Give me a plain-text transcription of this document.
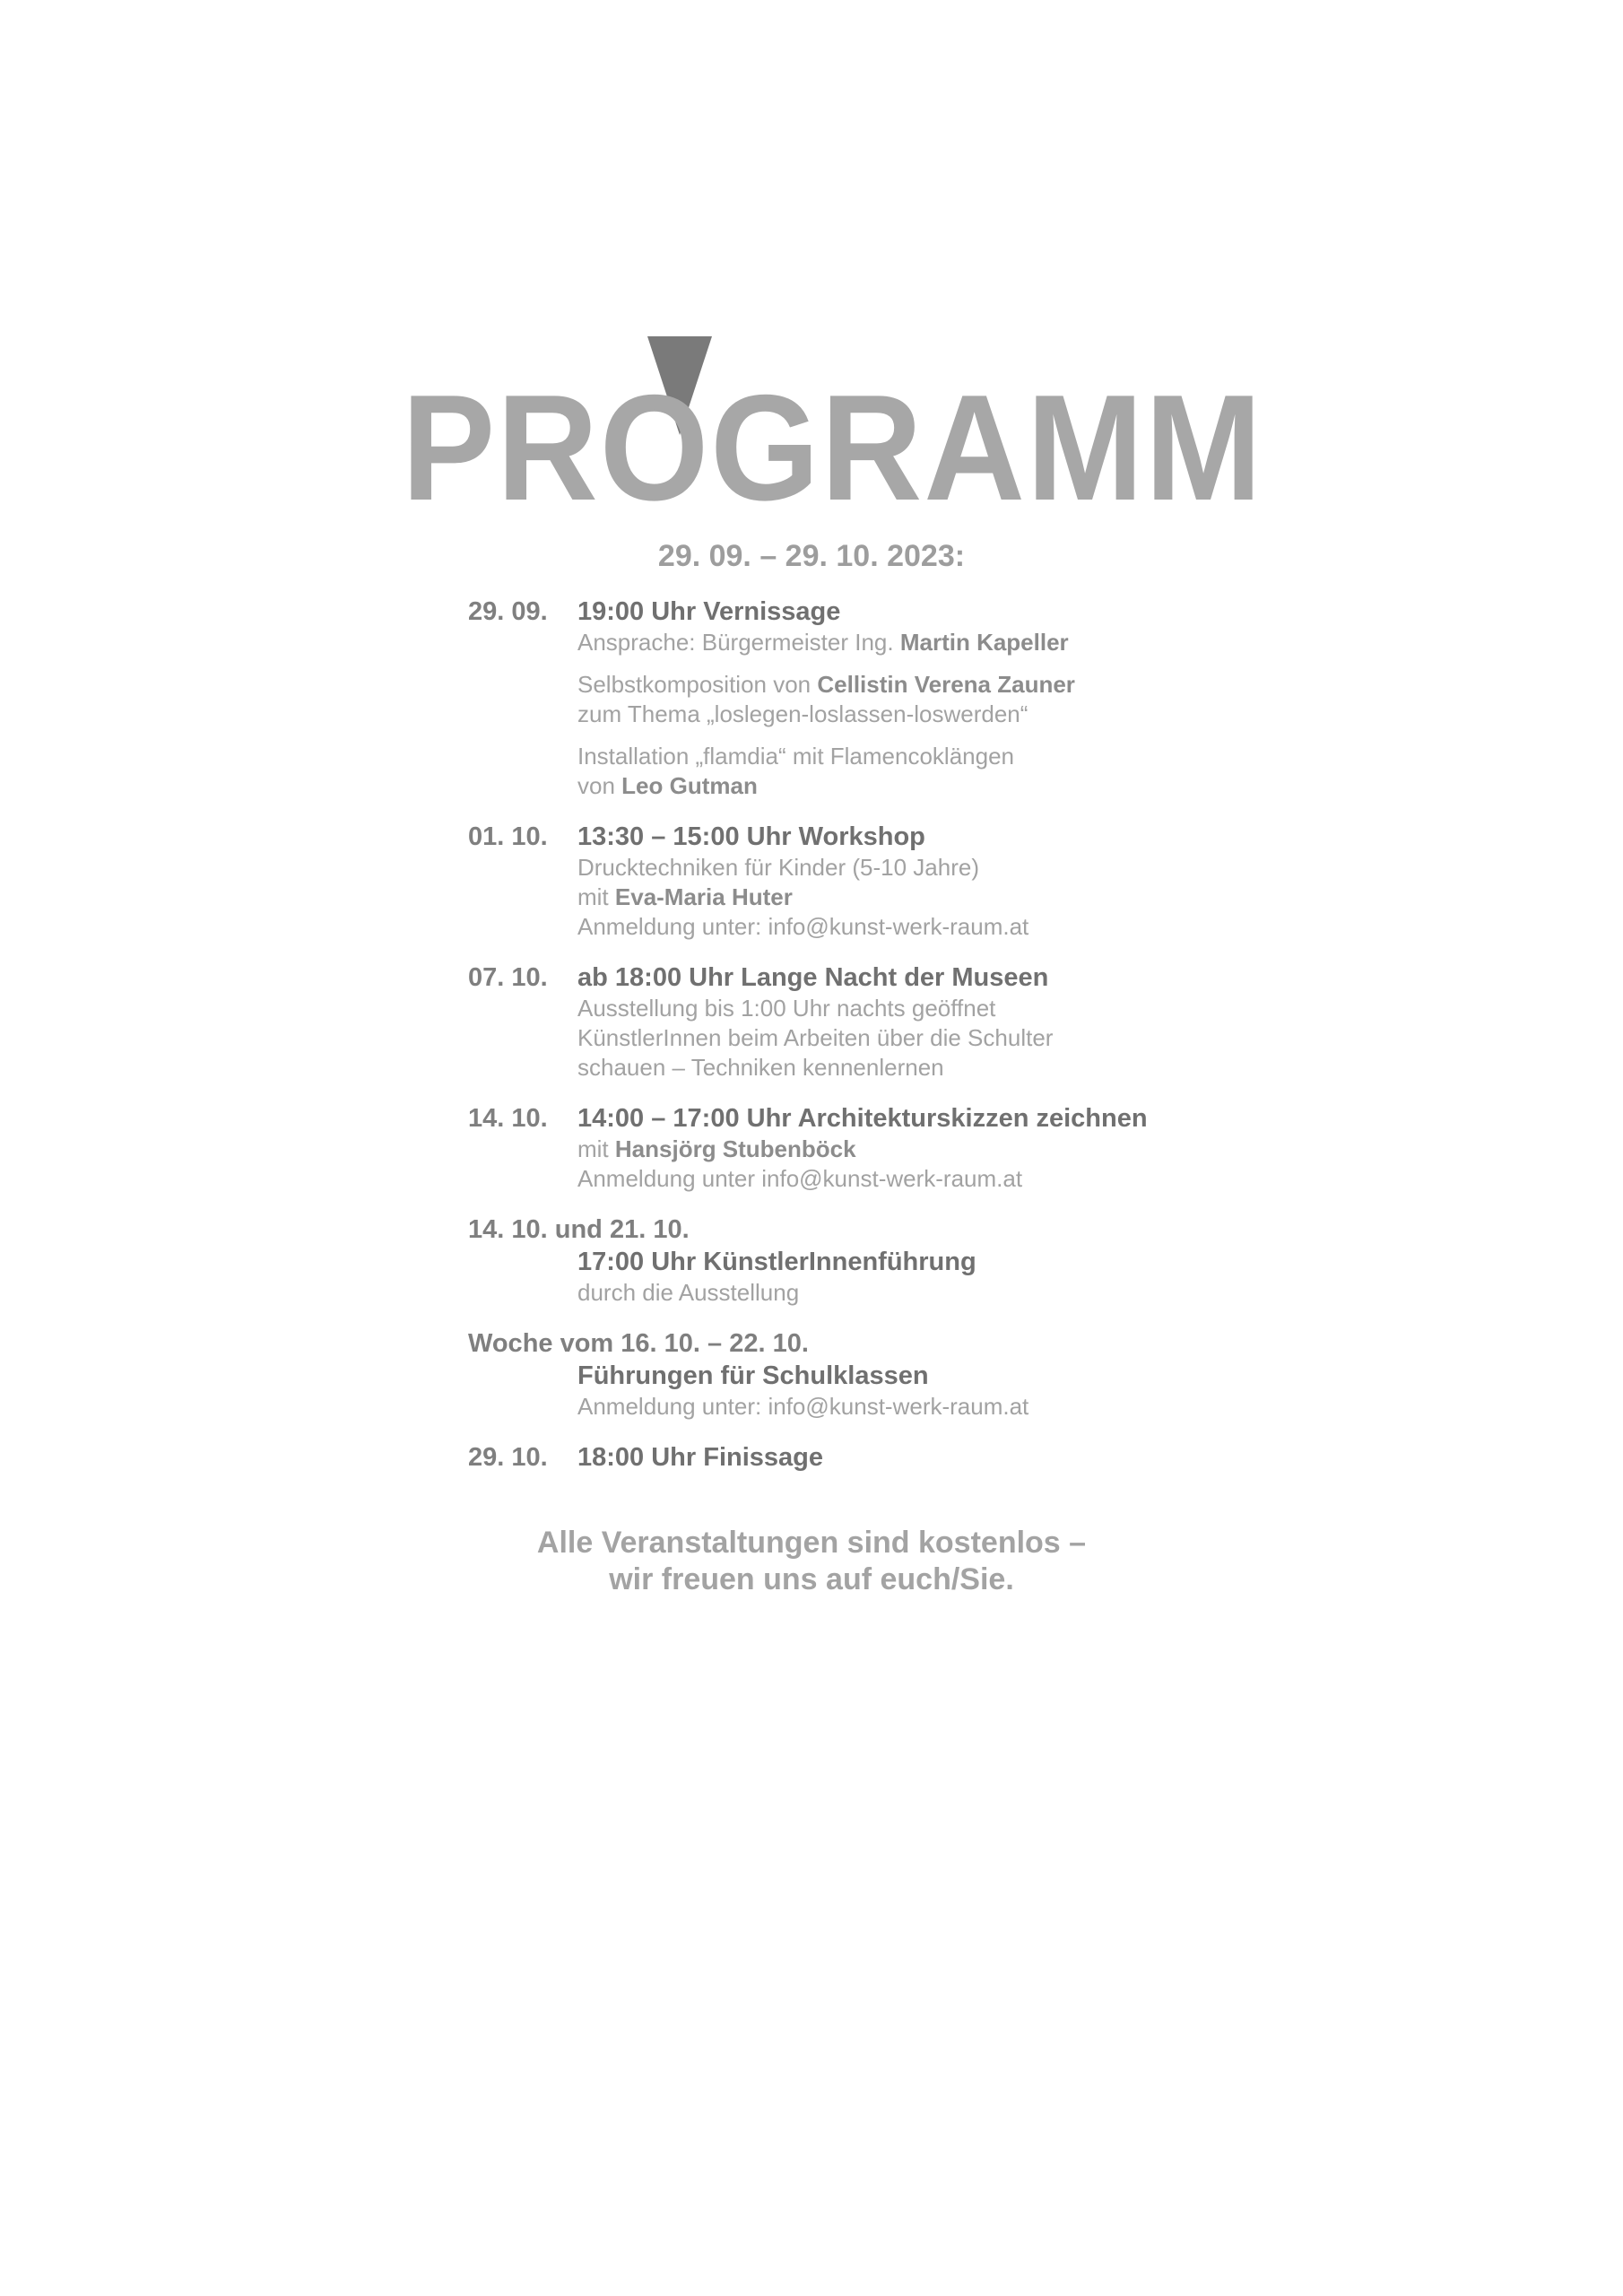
PROGRAMM
29. 09. – 29. 10. 2023:
29. 09. 19:00 Uhr Vernissage
Ansprache: Bürgermeister Ing. Martin Kapeller
Selbstkomposition von Cellistin Verena Zauner
zum Thema „loslegen-loslassen-loswerden“
Installation „flamdia“ mit Flamencoklängen
von Leo Gutman
01. 10. 13:30 – 15:00 Uhr Workshop
Drucktechniken für Kinder (5-10 Jahre)
mit Eva-Maria Huter
Anmeldung unter: info@kunst-werk-raum.at
07. 10. ab 18:00 Uhr Lange Nacht der Museen
Ausstellung bis 1:00 Uhr nachts geöffnet
KünstlerInnen beim Arbeiten über die Schulter
schauen – Techniken kennenlernen
14. 10. 14:00 – 17:00 Uhr Architekturskizzen zeichnen
mit Hansjörg Stubenböck
Anmeldung unter info@kunst-werk-raum.at
14. 10. und 21. 10.
17:00 Uhr KünstlerInnenführung
durch die Ausstellung
Woche vom 16. 10. – 22. 10.
Führungen für Schulklassen
Anmeldung unter: info@kunst-werk-raum.at
29. 10. 18:00 Uhr Finissage
Alle Veranstaltungen sind kostenlos –
wir freuen uns auf euch/Sie.
